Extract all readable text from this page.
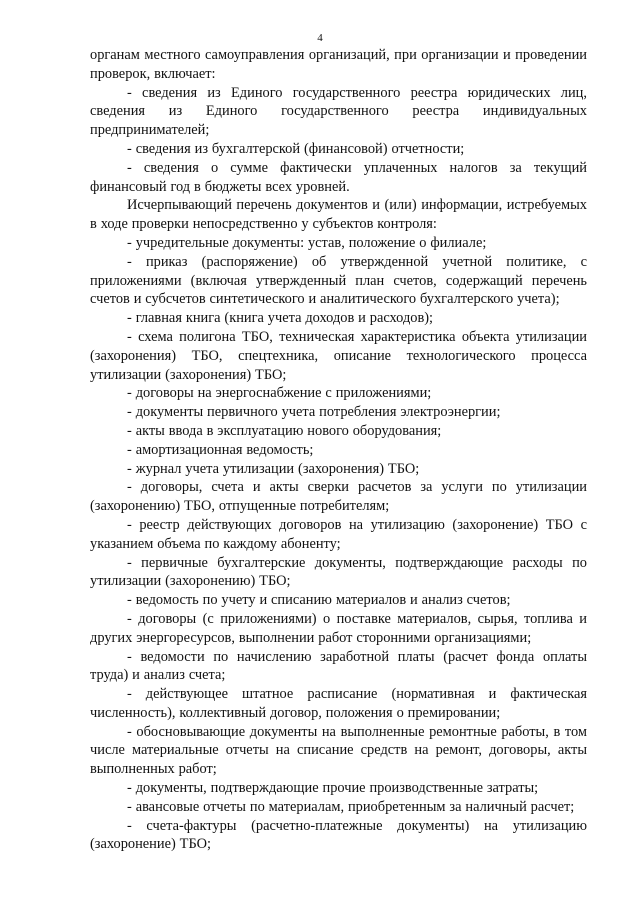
4

органам местного самоуправления организаций, при организации и проведении проверок, включает:

- сведения из Единого государственного реестра юридических лиц, сведения из Единого государственного реестра индивидуальных предпринимателей;

- сведения из бухгалтерской (финансовой) отчетности;

- сведения о сумме фактически уплаченных налогов за текущий финансовый год в бюджеты всех уровней.

Исчерпывающий перечень документов и (или) информации, истребуемых в ходе проверки непосредственно у субъектов контроля:

- учредительные документы: устав, положение о филиале;

- приказ (распоряжение) об утвержденной учетной политике, с приложениями (включая утвержденный план счетов, содержащий перечень счетов и субсчетов синтетического и аналитического бухгалтерского учета);

- главная книга (книга учета доходов и расходов);

- схема полигона ТБО, техническая характеристика объекта утилизации (захоронения) ТБО, спецтехника, описание технологического процесса утилизации (захоронения) ТБО;

- договоры на энергоснабжение с приложениями;

- документы первичного учета потребления электроэнергии;

- акты ввода в эксплуатацию нового оборудования;

- амортизационная ведомость;

- журнал учета утилизации (захоронения) ТБО;

- договоры, счета и акты сверки расчетов за услуги по утилизации (захоронению) ТБО, отпущенные потребителям;

- реестр действующих договоров на утилизацию (захоронение) ТБО с указанием объема по каждому абоненту;

- первичные бухгалтерские документы, подтверждающие расходы по утилизации (захоронению) ТБО;

- ведомость по учету и списанию материалов и анализ счетов;

- договоры (с приложениями) о поставке материалов, сырья, топлива и других энергоресурсов, выполнении работ сторонними организациями;

- ведомости по начислению заработной платы (расчет фонда оплаты труда) и анализ счета;

- действующее штатное расписание (нормативная и фактическая численность), коллективный договор, положения о премировании;

- обосновывающие документы на выполненные ремонтные работы, в том числе материальные отчеты на списание средств на ремонт, договоры, акты выполненных работ;

- документы, подтверждающие прочие производственные затраты;

- авансовые отчеты по материалам, приобретенным за наличный расчет;

- счета-фактуры (расчетно-платежные документы) на утилизацию (захоронение) ТБО;
